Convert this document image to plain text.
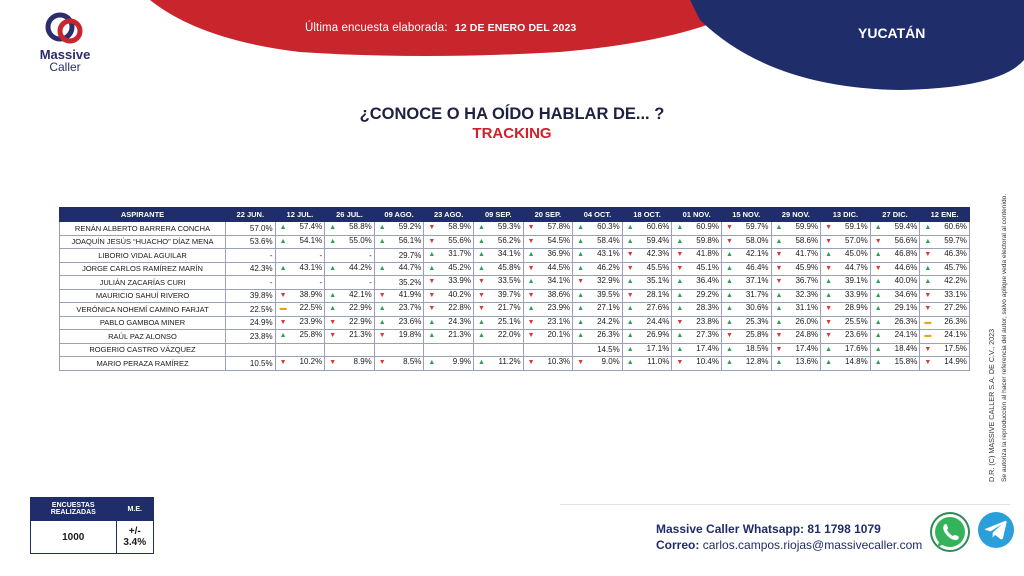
Massive
Caller
Última encuesta elaborada: 12 DE ENERO DEL 2023	YUCATÁN
¿CONOCE O HA OÍDO HABLAR DE... ?
TRACKING
D.R. (C) MASSIVE CALLER S.A. DE C.V., 2023 Se autoriza la reproducción al hacer referencia del autor, salvo aplique veda electoral al contenido.
ASPIRANTE	22 JUN.	12 JUL.	26 JUL.	09 AGO.	23 AGO.	09 SEP.	20 SEP.	04 OCT.	18 OCT.	01 NOV.	15 NOV.	29 NOV.	13 DIC.	27 DIC.	12 ENE.
RENÁN ALBERTO BARRERA CONCHA	57.0%	▲ 57.4%	▲ 58.8%	▲ 59.2%	▼ 58.9%	▲ 59.3%	▼ 57.8%	▲ 60.3%	▲ 60.6%	▲ 60.9%	▼ 59.7%	▲ 59.9%	▼ 59.1%	▲ 59.4%	▲ 60.6%
JOAQUÍN JESÚS “HUACHO” DÍAZ MENA	53.6%	▲ 54.1%	▲ 55.0%	▲ 56.1%	▼ 55.6%	▲ 56.2%	▼ 54.5%	▲ 58.4%	▲ 59.4%	▲ 59.8%	▼ 58.0%	▲ 58.6%	▼ 57.0%	▼ 56.6%	▲ 59.7%
LIBORIO VIDAL AGUILAR	-	-	-	29.7%	▲ 31.7%	▲ 34.1%	▲ 36.9%	▲ 43.1%	▼ 42.3%	▼ 41.8%	▲ 42.1%	▼ 41.7%	▲ 45.0%	▲ 46.8%	▼ 46.3%
JORGE CARLOS RAMÍREZ MARÍN	42.3%	▲ 43.1%	▲ 44.2%	▲ 44.7%	▲ 45.2%	▲ 45.8%	▼ 44.5%	▲ 46.2%	▼ 45.5%	▼ 45.1%	▲ 46.4%	▼ 45.9%	▼ 44.7%	▼ 44.6%	▲ 45.7%
JULIÁN ZACARÍAS CURI	-	-	-	35.2%	▼ 33.9%	▼ 33.5%	▲ 34.1%	▼ 32.9%	▲ 35.1%	▲ 36.4%	▲ 37.1%	▼ 36.7%	▲ 39.1%	▲ 40.0%	▲ 42.2%
MAURICIO SAHUÍ RIVERO	39.8%	▼ 38.9%	▲ 42.1%	▼ 41.9%	▼ 40.2%	▼ 39.7%	▼ 38.6%	▲ 39.5%	▼ 28.1%	▲ 29.2%	▲ 31.7%	▲ 32.3%	▲ 33.9%	▲ 34.6%	▼ 33.1%
VERÓNICA NOHEMÍ CAMINO FARJAT	22.5%	▬ 22.5%	▲ 22.9%	▲ 23.7%	▼ 22.8%	▼ 21.7%	▲ 23.9%	▲ 27.1%	▲ 27.6%	▲ 28.3%	▲ 30.6%	▲ 31.1%	▼ 28.9%	▲ 29.1%	▼ 27.2%
PABLO GAMBOA MINER	24.9%	▼ 23.9%	▼ 22.9%	▲ 23.6%	▲ 24.3%	▲ 25.1%	▼ 23.1%	▲ 24.2%	▲ 24.4%	▼ 23.8%	▲ 25.3%	▲ 26.0%	▼ 25.5%	▲ 26.3%	▬ 26.3%
RAÚL PAZ ALONSO	23.8%	▲ 25.8%	▼ 21.3%	▼ 19.8%	▲ 21.3%	▲ 22.0%	▼ 20.1%	▲ 26.3%	▲ 26.9%	▲ 27.3%	▼ 25.8%	▼ 24.8%	▼ 23.6%	▲ 24.1%	▬ 24.1%
ROGERIO CASTRO VÁZQUEZ								14.5%	▲ 17.1%	▲ 17.4%	▲ 18.5%	▼ 17.4%	▲ 17.6%	▲ 18.4%	▼ 17.5%
MARIO PERAZA RAMÍREZ	10.5%	▼ 10.2%	▼ 8.9%	▼ 8.5%	▲ 9.9%	▲ 11.2%	▼ 10.3%	▼ 9.0%	▲ 11.0%	▼ 10.4%	▲ 12.8%	▲ 13.6%	▲ 14.8%	▲ 15.8%	▼ 14.9%
ENCUESTAS REALIZADAS	M.E.
1000	+/- 3.4%
Massive Caller Whatsapp: 81 1798 1079
Correo: carlos.campos.riojas@massivecaller.com
